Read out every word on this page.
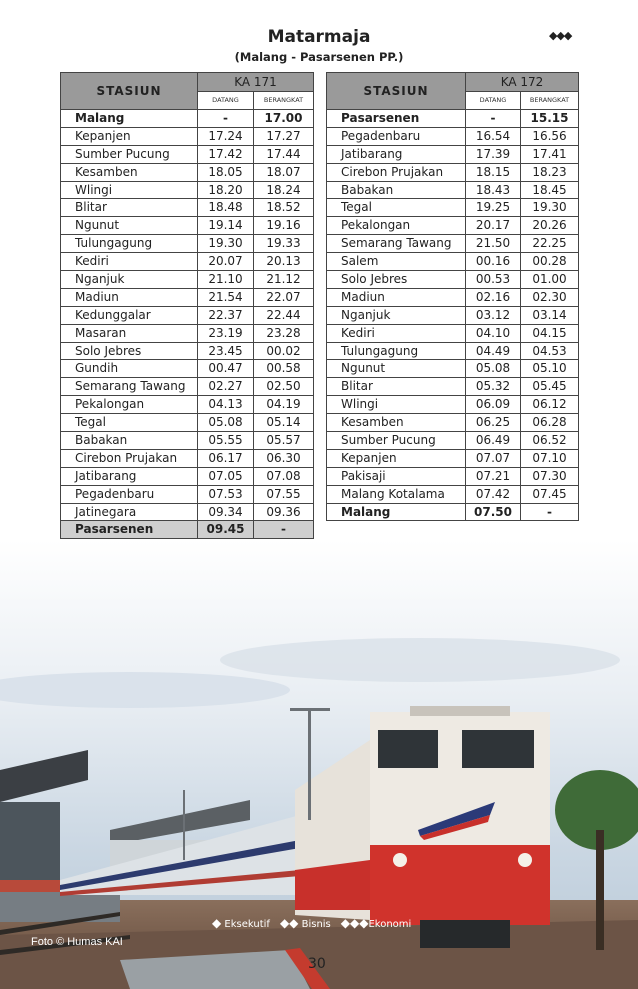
Matarmaja
(Malang - Pasarsenen PP.)
◆◆◆
STASIUN	KA 171	
	DATANG	BERANGKAT
Malang	-	17.00
Kepanjen	17.24	17.27
Sumber Pucung	17.42	17.44
Kesamben	18.05	18.07
Wlingi	18.20	18.24
Blitar	18.48	18.52
Ngunut	19.14	19.16
Tulungagung	19.30	19.33
Kediri	20.07	20.13
Nganjuk	21.10	21.12
Madiun	21.54	22.07
Kedunggalar	22.37	22.44
Masaran	23.19	23.28
Solo Jebres	23.45	00.02
Gundih	00.47	00.58
Semarang Tawang	02.27	02.50
Pekalongan	04.13	04.19
Tegal	05.08	05.14
Babakan	05.55	05.57
Cirebon Prujakan	06.17	06.30
Jatibarang	07.05	07.08
Pegadenbaru	07.53	07.55
Jatinegara	09.34	09.36
Pasarsenen	09.45	-
STASIUN	KA 172	
	DATANG	BERANGKAT
Pasarsenen	-	15.15
Pegadenbaru	16.54	16.56
Jatibarang	17.39	17.41
Cirebon Prujakan	18.15	18.23
Babakan	18.43	18.45
Tegal	19.25	19.30
Pekalongan	20.17	20.26
Semarang Tawang	21.50	22.25
Salem	00.16	00.28
Solo Jebres	00.53	01.00
Madiun	02.16	02.30
Nganjuk	03.12	03.14
Kediri	04.10	04.15
Tulungagung	04.49	04.53
Ngunut	05.08	05.10
Blitar	05.32	05.45
Wlingi	06.09	06.12
Kesamben	06.25	06.28
Sumber Pucung	06.49	06.52
Kepanjen	07.07	07.10
Pakisaji	07.21	07.30
Malang Kotalama	07.42	07.45
Malang	07.50	-
◆ Eksekutif ◆◆ Bisnis ◆◆◆Ekonomi
Foto © Humas KAI
30
